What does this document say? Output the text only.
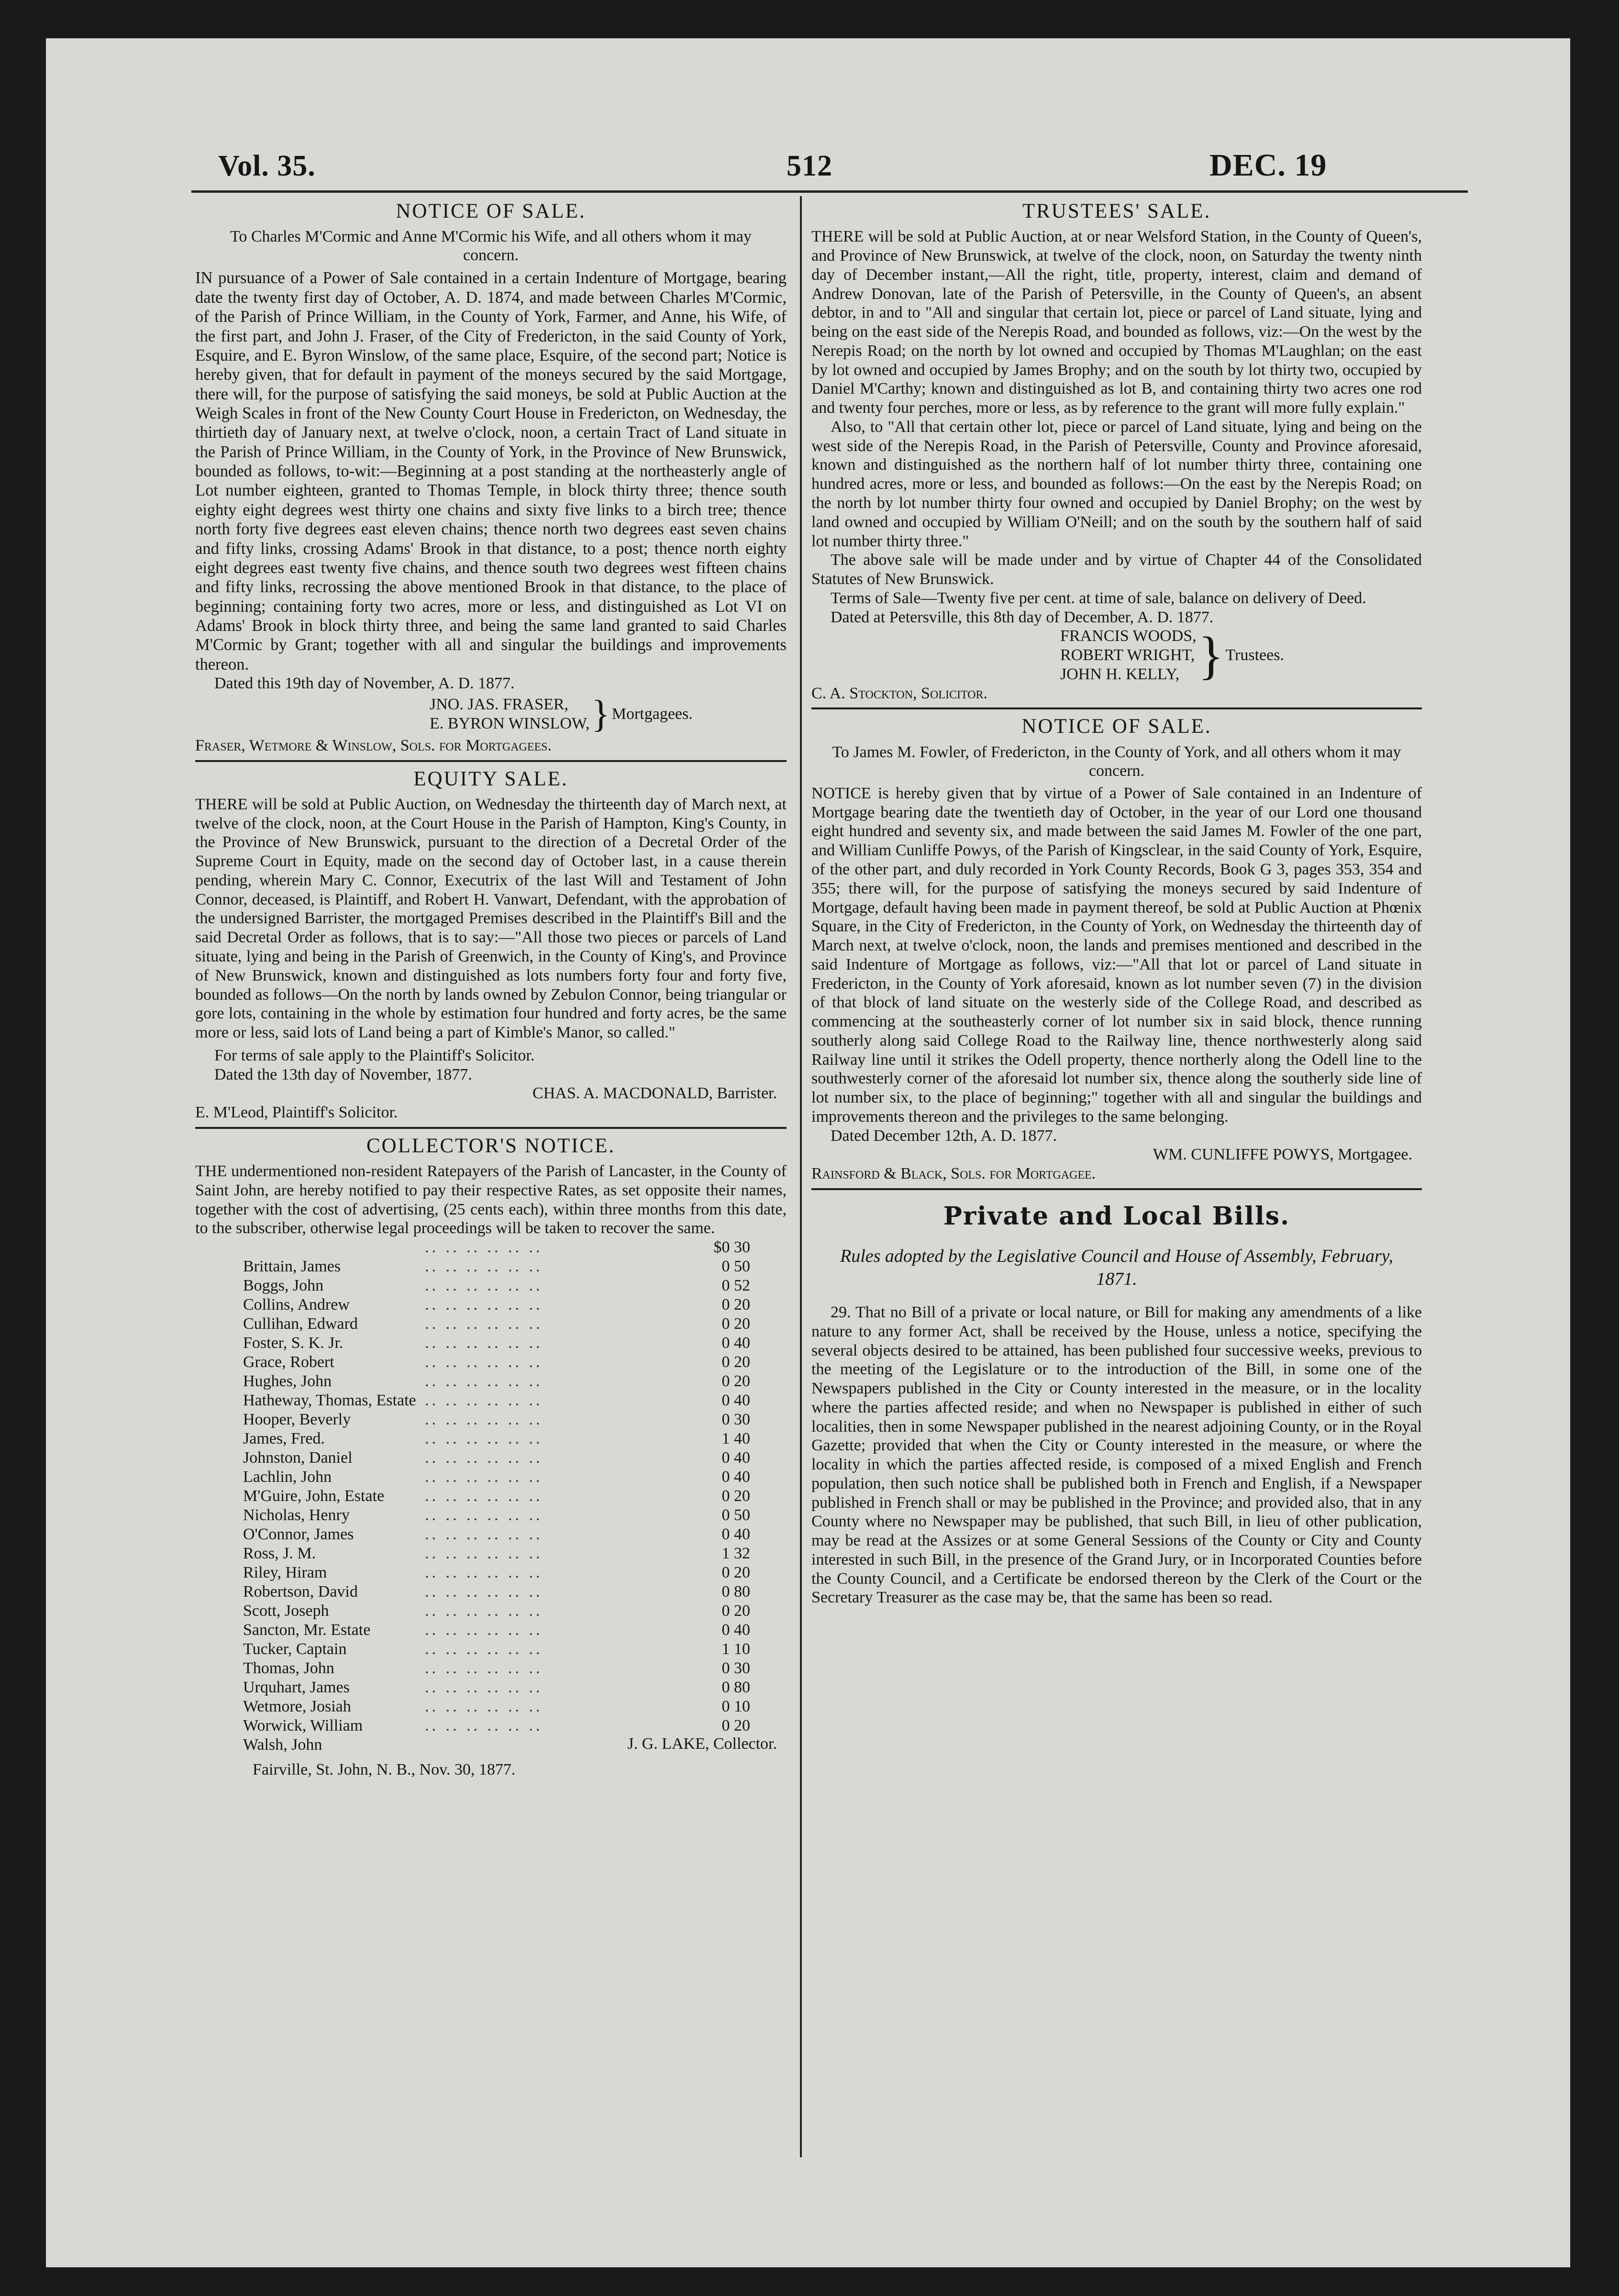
Vol. 35.	512	DEC. 19
NOTICE OF SALE.
To Charles M'Cormic and Anne M'Cormic his Wife, and all others whom it may concern.
IN pursuance of a Power of Sale contained in a certain Indenture of Mortgage, bearing date the twenty first day of October, A. D. 1874, and made between Charles M'Cormic, of the Parish of Prince William, in the County of York, Farmer, and Anne, his Wife, of the first part, and John J. Fraser, of the City of Fredericton, in the said County of York, Esquire, and E. Byron Winslow, of the same place, Esquire, of the second part; Notice is hereby given, that for default in payment of the moneys secured by the said Mortgage, there will, for the purpose of satisfying the said moneys, be sold at Public Auction at the Weigh Scales in front of the New County Court House in Fredericton, on Wednesday, the thirtieth day of January next, at twelve o'clock, noon, a certain Tract of Land situate in the Parish of Prince William, in the County of York, in the Province of New Brunswick, bounded as follows, to-wit:—Beginning at a post standing at the northeasterly angle of Lot number eighteen, granted to Thomas Temple, in block thirty three; thence south eighty eight degrees west thirty one chains and sixty five links to a birch tree; thence north forty five degrees east eleven chains; thence north two degrees east seven chains and fifty links, crossing Adams' Brook in that distance, to a post; thence north eighty eight degrees east twenty five chains, and thence south two degrees west fifteen chains and fifty links, recrossing the above mentioned Brook in that distance, to the place of beginning; containing forty two acres, more or less, and distinguished as Lot VI on Adams' Brook in block thirty three, and being the same land granted to said Charles M'Cormic by Grant; together with all and singular the buildings and improvements thereon.
Dated this 19th day of November, A. D. 1877.
JNO. JAS. FRASER,
E. BYRON WINSLOW, } Mortgagees.
Fraser, Wetmore & Winslow, Sols. for Mortgagees.
EQUITY SALE.
THERE will be sold at Public Auction, on Wednesday the thirteenth day of March next, at twelve of the clock, noon, at the Court House in the Parish of Hampton, King's County, in the Province of New Brunswick, pursuant to the direction of a Decretal Order of the Supreme Court in Equity, made on the second day of October last, in a cause therein pending, wherein Mary C. Connor, Executrix of the last Will and Testament of John Connor, deceased, is Plaintiff, and Robert H. Vanwart, Defendant, with the approbation of the undersigned Barrister, the mortgaged Premises described in the Plaintiff's Bill and the said Decretal Order as follows, that is to say:—"All those two pieces or parcels of Land situate, lying and being in the Parish of Greenwich, in the County of King's, and Province of New Brunswick, known and distinguished as lots numbers forty four and forty five, bounded as follows—On the north by lands owned by Zebulon Connor, being triangular or gore lots, containing in the whole by estimation four hundred and forty acres, be the same more or less, said lots of Land being a part of Kimble's Manor, so called."
For terms of sale apply to the Plaintiff's Solicitor.
Dated the 13th day of November, 1877.
CHAS. A. MACDONALD, Barrister.
E. M'Leod, Plaintiff's Solicitor.
COLLECTOR'S NOTICE.
THE undermentioned non-resident Ratepayers of the Parish of Lancaster, in the County of Saint John, are hereby notified to pay their respective Rates, as set opposite their names, together with the cost of advertising, (25 cents each), within three months from this date, to the subscriber, otherwise legal proceedings will be taken to recover the same.
	.. .. .. .. .. ..	$0 30
Brittain, James	.. .. .. .. .. ..	0 50
Boggs, John	.. .. .. .. .. ..	0 52
Collins, Andrew	.. .. .. .. .. ..	0 20
Cullihan, Edward	.. .. .. .. .. ..	0 20
Foster, S. K. Jr.	.. .. .. .. .. ..	0 40
Grace, Robert	.. .. .. .. .. ..	0 20
Hughes, John	.. .. .. .. .. ..	0 20
Hatheway, Thomas, Estate	.. .. .. .. .. ..	0 40
Hooper, Beverly	.. .. .. .. .. ..	0 30
James, Fred.	.. .. .. .. .. ..	1 40
Johnston, Daniel	.. .. .. .. .. ..	0 40
Lachlin, John	.. .. .. .. .. ..	0 40
M'Guire, John, Estate	.. .. .. .. .. ..	0 20
Nicholas, Henry	.. .. .. .. .. ..	0 50
O'Connor, James	.. .. .. .. .. ..	0 40
Ross, J. M.	.. .. .. .. .. ..	1 32
Riley, Hiram	.. .. .. .. .. ..	0 20
Robertson, David	.. .. .. .. .. ..	0 80
Scott, Joseph	.. .. .. .. .. ..	0 20
Sancton, Mr. Estate	.. .. .. .. .. ..	0 40
Tucker, Captain	.. .. .. .. .. ..	1 10
Thomas, John	.. .. .. .. .. ..	0 30
Urquhart, James	.. .. .. .. .. ..	0 80
Wetmore, Josiah	.. .. .. .. .. ..	0 10
Worwick, William	.. .. .. .. .. ..	0 20
Walsh, John			J. G. LAKE, Collector.
Fairville, St. John, N. B., Nov. 30, 1877.
TRUSTEES' SALE.
THERE will be sold at Public Auction, at or near Welsford Station, in the County of Queen's, and Province of New Brunswick, at twelve of the clock, noon, on Saturday the twenty ninth day of December instant,—All the right, title, property, interest, claim and demand of Andrew Donovan, late of the Parish of Petersville, in the County of Queen's, an absent debtor, in and to "All and singular that certain lot, piece or parcel of Land situate, lying and being on the east side of the Nerepis Road, and bounded as follows, viz:—On the west by the Nerepis Road; on the north by lot owned and occupied by Thomas M'Laughlan; on the east by lot owned and occupied by James Brophy; and on the south by lot thirty two, occupied by Daniel M'Carthy; known and distinguished as lot B, and containing thirty two acres one rod and twenty four perches, more or less, as by reference to the grant will more fully explain."
Also, to "All that certain other lot, piece or parcel of Land situate, lying and being on the west side of the Nerepis Road, in the Parish of Petersville, County and Province aforesaid, known and distinguished as the northern half of lot number thirty three, containing one hundred acres, more or less, and bounded as follows:—On the east by the Nerepis Road; on the north by lot number thirty four owned and occupied by Daniel Brophy; on the west by land owned and occupied by William O'Neill; and on the south by the southern half of said lot number thirty three."
The above sale will be made under and by virtue of Chapter 44 of the Consolidated Statutes of New Brunswick.
Terms of Sale—Twenty five per cent. at time of sale, balance on delivery of Deed.
Dated at Petersville, this 8th day of December, A. D. 1877.
FRANCIS WOODS,
ROBERT WRIGHT,
JOHN H. KELLY, } Trustees.
C. A. Stockton, Solicitor.
NOTICE OF SALE.
To James M. Fowler, of Fredericton, in the County of York, and all others whom it may concern.
NOTICE is hereby given that by virtue of a Power of Sale contained in an Indenture of Mortgage bearing date the twentieth day of October, in the year of our Lord one thousand eight hundred and seventy six, and made between the said James M. Fowler of the one part, and William Cunliffe Powys, of the Parish of Kingsclear, in the said County of York, Esquire, of the other part, and duly recorded in York County Records, Book G 3, pages 353, 354 and 355; there will, for the purpose of satisfying the moneys secured by said Indenture of Mortgage, default having been made in payment thereof, be sold at Public Auction at Phœnix Square, in the City of Fredericton, in the County of York, on Wednesday the thirteenth day of March next, at twelve o'clock, noon, the lands and premises mentioned and described in the said Indenture of Mortgage as follows, viz:—"All that lot or parcel of Land situate in Fredericton, in the County of York aforesaid, known as lot number seven (7) in the division of that block of land situate on the westerly side of the College Road, and described as commencing at the southeasterly corner of lot number six in said block, thence running southerly along said College Road to the Railway line, thence northwesterly along said Railway line until it strikes the Odell property, thence northerly along the Odell line to the southwesterly corner of the aforesaid lot number six, thence along the southerly side line of lot number six, to the place of beginning;" together with all and singular the buildings and improvements thereon and the privileges to the same belonging.
Dated December 12th, A. D. 1877.
WM. CUNLIFFE POWYS, Mortgagee.
Rainsford & Black, Sols. for Mortgagee.
Private and Local Bills.
Rules adopted by the Legislative Council and House of Assembly, February, 1871.
29. That no Bill of a private or local nature, or Bill for making any amendments of a like nature to any former Act, shall be received by the House, unless a notice, specifying the several objects desired to be attained, has been published four successive weeks, previous to the meeting of the Legislature or to the introduction of the Bill, in some one of the Newspapers published in the City or County interested in the measure, or in the locality where the parties affected reside; and when no Newspaper is published in either of such localities, then in some Newspaper published in the nearest adjoining County, or in the Royal Gazette; provided that when the City or County interested in the measure, or where the locality in which the parties affected reside, is composed of a mixed English and French population, then such notice shall be published both in French and English, if a Newspaper published in French shall or may be published in the Province; and provided also, that in any County where no Newspaper may be published, that such Bill, in lieu of other publication, may be read at the Assizes or at some General Sessions of the County or City and County interested in such Bill, in the presence of the Grand Jury, or in Incorporated Counties before the County Council, and a Certificate be endorsed thereon by the Clerk of the Court or the Secretary Treasurer as the case may be, that the same has been so read.
